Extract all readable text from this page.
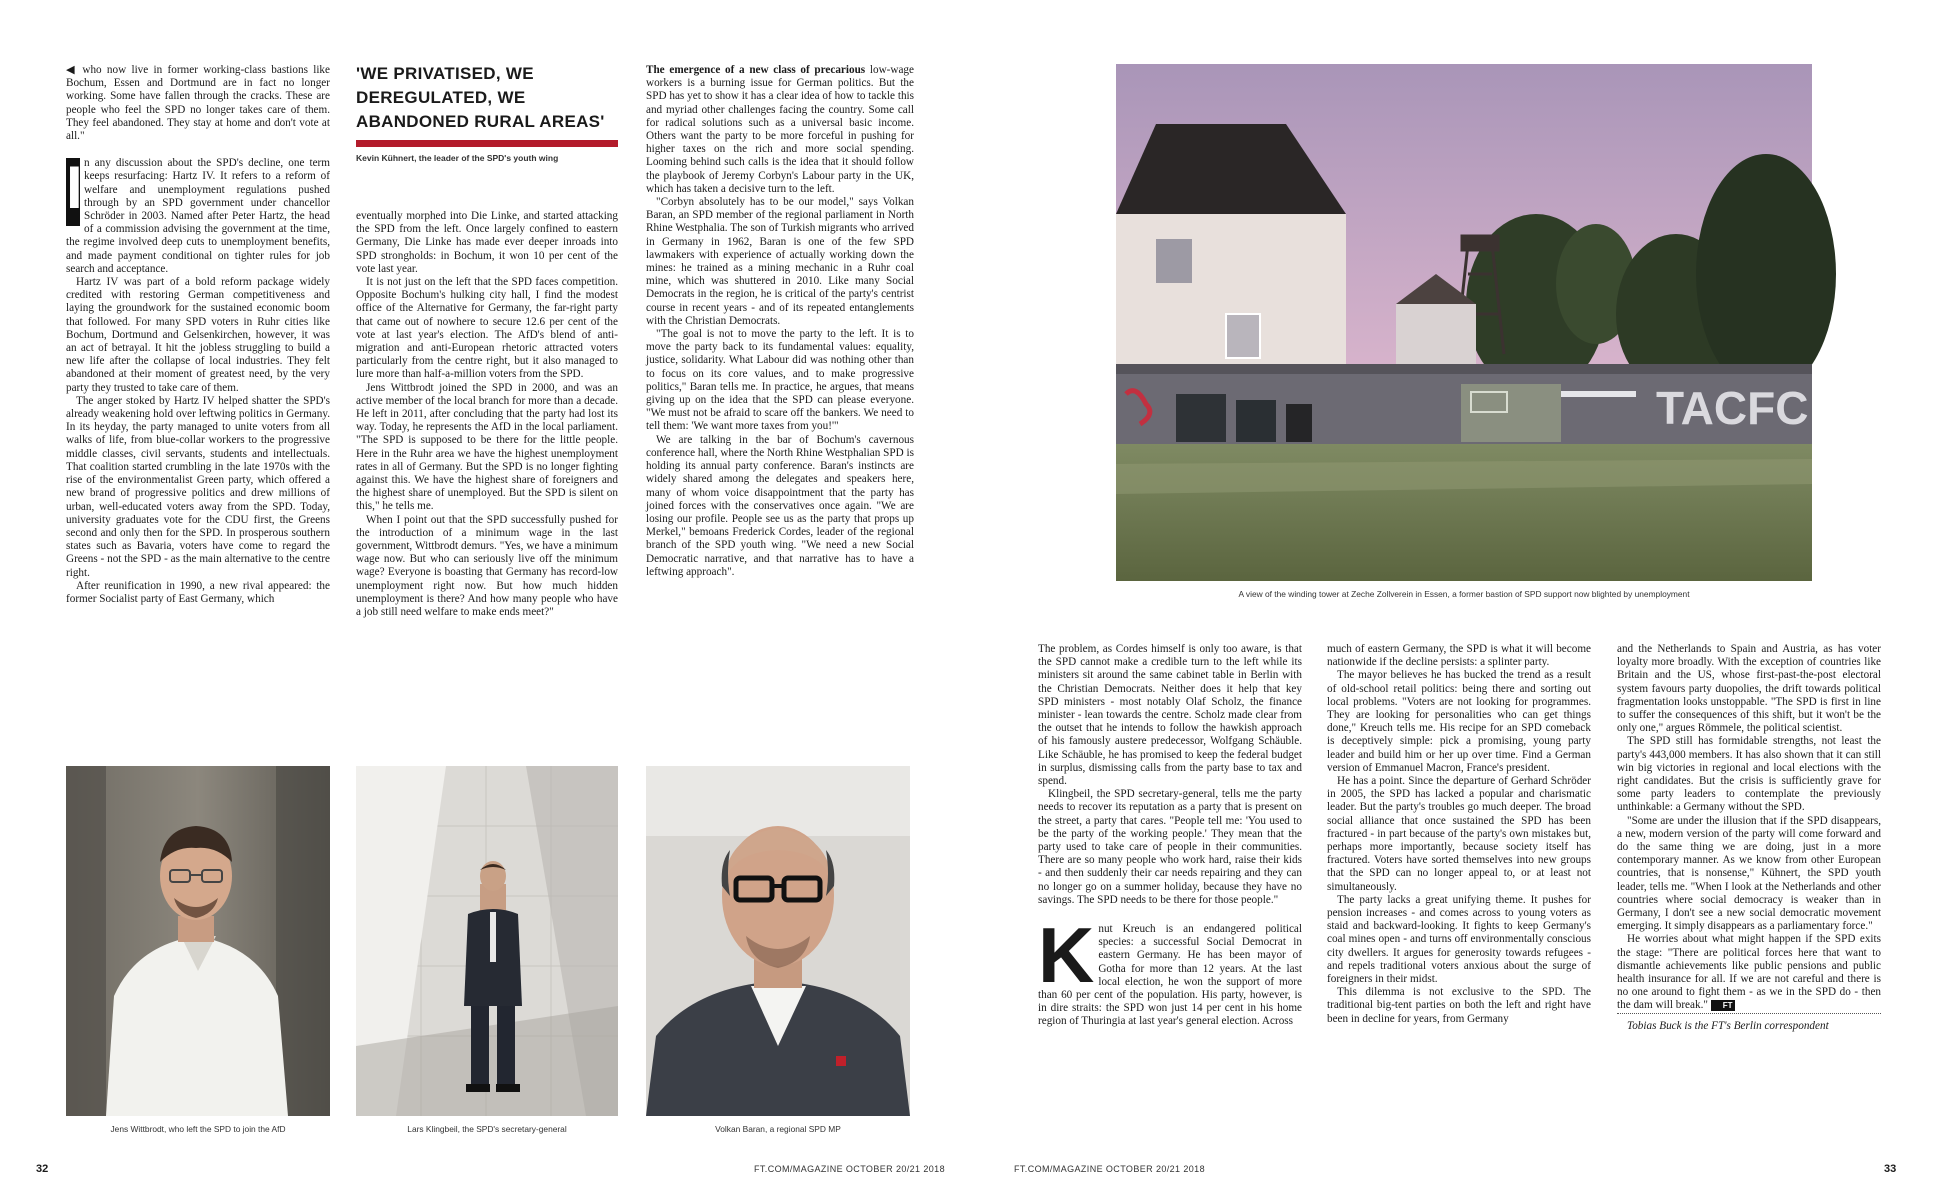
◀ who now live in former working-class bastions like Bochum, Essen and Dortmund are in fact no longer working. Some have fallen through the cracks. These are people who feel the SPD no longer takes care of them. They feel abandoned. They stay at home and don't vote at all."

I n any discussion about the SPD's decline, one term keeps resurfacing: Hartz IV. It refers to a reform of welfare and unemployment regulations pushed through by an SPD government under chancellor Schröder in 2003. Named after Peter Hartz, the head of a commission advising the government at the time, the regime involved deep cuts to unemployment benefits, and made payment conditional on tighter rules for job search and acceptance.

Hartz IV was part of a bold reform package widely credited with restoring German competitiveness and laying the groundwork for the sustained economic boom that followed. For many SPD voters in Ruhr cities like Bochum, Dortmund and Gelsenkirchen, however, it was an act of betrayal. It hit the jobless struggling to build a new life after the collapse of local industries. They felt abandoned at their moment of greatest need, by the very party they trusted to take care of them.

The anger stoked by Hartz IV helped shatter the SPD's already weakening hold over leftwing politics in Germany. In its heyday, the party managed to unite voters from all walks of life, from blue-collar workers to the progressive middle classes, civil servants, students and intellectuals. That coalition started crumbling in the late 1970s with the rise of the environmentalist Green party, which offered a new brand of progressive politics and drew millions of urban, well-educated voters away from the SPD. Today, university graduates vote for the CDU first, the Greens second and only then for the SPD. In prosperous southern states such as Bavaria, voters have come to regard the Greens - not the SPD - as the main alternative to the centre right.

After reunification in 1990, a new rival appeared: the former Socialist party of East Germany, which

'WE PRIVATISED, WE DEREGULATED, WE ABANDONED RURAL AREAS'
Kevin Kühnert, the leader of the SPD's youth wing

eventually morphed into Die Linke, and started attacking the SPD from the left. Once largely confined to eastern Germany, Die Linke has made ever deeper inroads into SPD strongholds: in Bochum, it won 10 per cent of the vote last year.

It is not just on the left that the SPD faces competition. Opposite Bochum's hulking city hall, I find the modest office of the Alternative for Germany, the far-right party that came out of nowhere to secure 12.6 per cent of the vote at last year's election. The AfD's blend of anti-migration and anti-European rhetoric attracted voters particularly from the centre right, but it also managed to lure more than half-a-million voters from the SPD.

Jens Wittbrodt joined the SPD in 2000, and was an active member of the local branch for more than a decade. He left in 2011, after concluding that the party had lost its way. Today, he represents the AfD in the local parliament. "The SPD is supposed to be there for the little people. Here in the Ruhr area we have the highest unemployment rates in all of Germany. But the SPD is no longer fighting against this. We have the highest share of foreigners and the highest share of unemployed. But the SPD is silent on this," he tells me.

When I point out that the SPD successfully pushed for the introduction of a minimum wage in the last government, Wittbrodt demurs. "Yes, we have a minimum wage now. But who can seriously live off the minimum wage? Everyone is boasting that Germany has record-low unemployment right now. But how much hidden unemployment is there? And how many people who have a job still need welfare to make ends meet?"

The emergence of a new class of precarious low-wage workers is a burning issue for German politics. But the SPD has yet to show it has a clear idea of how to tackle this and myriad other challenges facing the country. Some call for radical solutions such as a universal basic income. Others want the party to be more forceful in pushing for higher taxes on the rich and more social spending. Looming behind such calls is the idea that it should follow the playbook of Jeremy Corbyn's Labour party in the UK, which has taken a decisive turn to the left.

"Corbyn absolutely has to be our model," says Volkan Baran, an SPD member of the regional parliament in North Rhine Westphalia. The son of Turkish migrants who arrived in Germany in 1962, Baran is one of the few SPD lawmakers with experience of actually working down the mines: he trained as a mining mechanic in a Ruhr coal mine, which was shuttered in 2010. Like many Social Democrats in the region, he is critical of the party's centrist course in recent years - and of its repeated entanglements with the Christian Democrats.

"The goal is not to move the party to the left. It is to move the party back to its fundamental values: equality, justice, solidarity. What Labour did was nothing other than to focus on its core values, and to make progressive politics," Baran tells me. In practice, he argues, that means giving up on the idea that the SPD can please everyone. "We must not be afraid to scare off the bankers. We need to tell them: 'We want more taxes from you!'"

We are talking in the bar of Bochum's cavernous conference hall, where the North Rhine Westphalian SPD is holding its annual party conference. Baran's instincts are widely shared among the delegates and speakers here, many of whom voice disappointment that the party has joined forces with the conservatives once again. "We are losing our profile. People see us as the party that props up Merkel," bemoans Frederick Cordes, leader of the regional branch of the SPD youth wing. "We need a new Social Democratic narrative, and that narrative has to have a leftwing approach".

Jens Wittbrodt, who left the SPD to join the AfD	Lars Klingbeil, the SPD's secretary-general	Volkan Baran, a regional SPD MP
32	FT.COM/MAGAZINE OCTOBER 20/21 2018
TACFC
A view of the winding tower at Zeche Zollverein in Essen, a former bastion of SPD support now blighted by unemployment

The problem, as Cordes himself is only too aware, is that the SPD cannot make a credible turn to the left while its ministers sit around the same cabinet table in Berlin with the Christian Democrats. Neither does it help that key SPD ministers - most notably Olaf Scholz, the finance minister - lean towards the centre. Scholz made clear from the outset that he intends to follow the hawkish approach of his famously austere predecessor, Wolfgang Schäuble. Like Schäuble, he has promised to keep the federal budget in surplus, dismissing calls from the party base to tax and spend.

Klingbeil, the SPD secretary-general, tells me the party needs to recover its reputation as a party that is present on the street, a party that cares. "People tell me: 'You used to be the party of the working people.' They mean that the party used to take care of people in their communities. There are so many people who work hard, raise their kids - and then suddenly their car needs repairing and they can no longer go on a summer holiday, because they have no savings. The SPD needs to be there for those people."

Knut Kreuch is an endangered political species: a successful Social Democrat in eastern Germany. He has been mayor of Gotha for more than 12 years. At the last local election, he won the support of more than 60 per cent of the population. His party, however, is in dire straits: the SPD won just 14 per cent in his home region of Thuringia at last year's general election. Across

much of eastern Germany, the SPD is what it will become nationwide if the decline persists: a splinter party.

The mayor believes he has bucked the trend as a result of old-school retail politics: being there and sorting out local problems. "Voters are not looking for programmes. They are looking for personalities who can get things done," Kreuch tells me. His recipe for an SPD comeback is deceptively simple: pick a promising, young party leader and build him or her up over time. Find a German version of Emmanuel Macron, France's president.

He has a point. Since the departure of Gerhard Schröder in 2005, the SPD has lacked a popular and charismatic leader. But the party's troubles go much deeper. The broad social alliance that once sustained the SPD has been fractured - in part because of the party's own mistakes but, perhaps more importantly, because society itself has fractured. Voters have sorted themselves into new groups that the SPD can no longer appeal to, or at least not simultaneously.

The party lacks a great unifying theme. It pushes for pension increases - and comes across to young voters as staid and backward-looking. It fights to keep Germany's coal mines open - and turns off environmentally conscious city dwellers. It argues for generosity towards refugees - and repels traditional voters anxious about the surge of foreigners in their midst.

This dilemma is not exclusive to the SPD. The traditional big-tent parties on both the left and right have been in decline for years, from Germany

and the Netherlands to Spain and Austria, as has voter loyalty more broadly. With the exception of countries like Britain and the US, whose first-past-the-post electoral system favours party duopolies, the drift towards political fragmentation looks unstoppable. "The SPD is first in line to suffer the consequences of this shift, but it won't be the only one," argues Römmele, the political scientist.

The SPD still has formidable strengths, not least the party's 443,000 members. It has also shown that it can still win big victories in regional and local elections with the right candidates. But the crisis is sufficiently grave for some party leaders to contemplate the previously unthinkable: a Germany without the SPD.

"Some are under the illusion that if the SPD disappears, a new, modern version of the party will come forward and do the same thing we are doing, just in a more contemporary manner. As we know from other European countries, that is nonsense," Kühnert, the SPD youth leader, tells me. "When I look at the Netherlands and other countries where social democracy is weaker than in Germany, I don't see a new social democratic movement emerging. It simply disappears as a parliamentary force."

He worries about what might happen if the SPD exits the stage: "There are political forces here that want to dismantle achievements like public pensions and public health insurance for all. If we are not careful and there is no one around to fight them - as we in the SPD do - then the dam will break." FT

Tobias Buck is the FT's Berlin correspondent

FT.COM/MAGAZINE OCTOBER 20/21 2018	33
